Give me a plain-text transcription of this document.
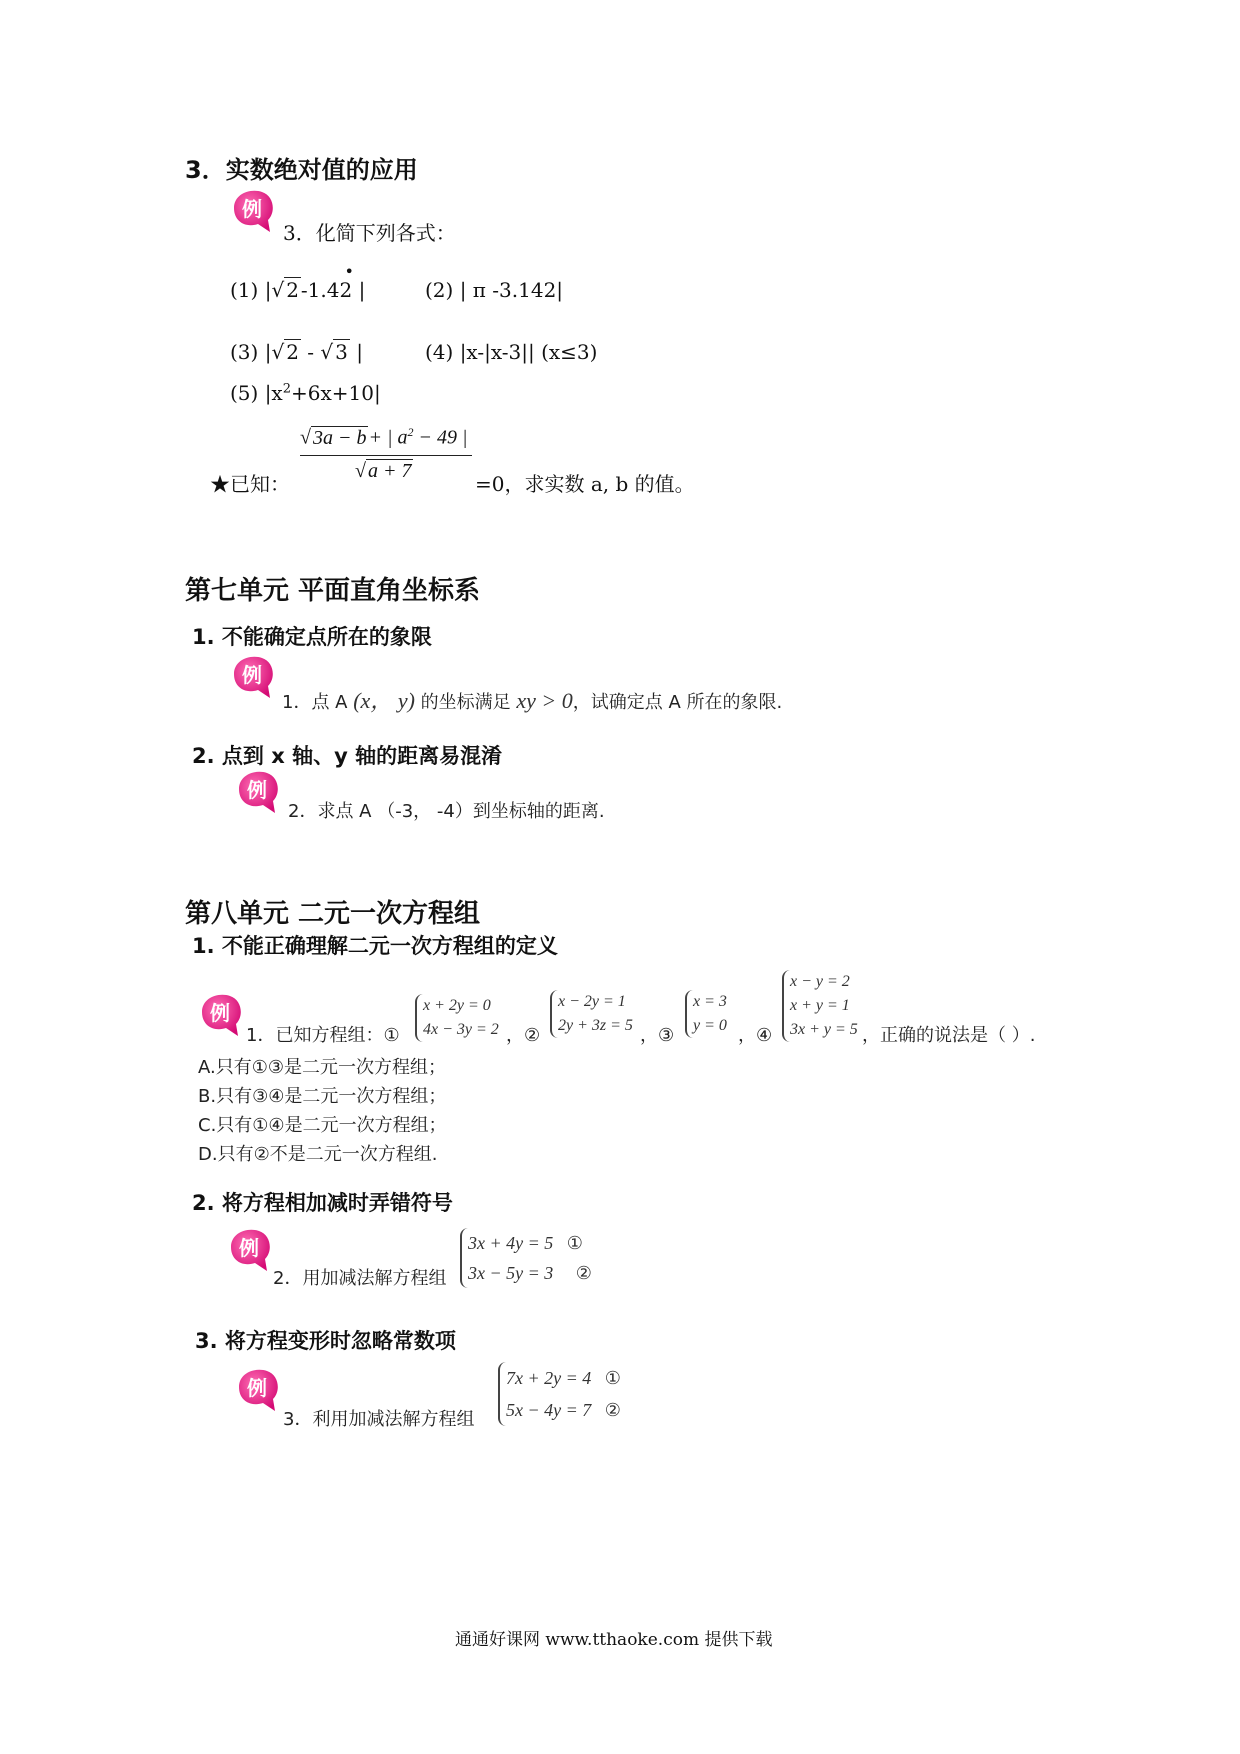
3．实数绝对值的应用
例
3．化简下列各式：
(1) |√ 2 -1.4
•
2 |	(2) | π -3.142|
(3) |√ 2 - √ 3 |	(4) |x-|x-3|| (x≤3)
(5) $|x^2+6x+10|$
★已知：
√ 3a − b + | $a^2 - 49$ |
√ a + 7
=0，求实数 a, b 的值。
第七单元 平面直角坐标系
1. 不能确定点所在的象限
例
1．点 A (x， y) 的坐标满足 xy > 0，试确定点 A 所在的象限.
2. 点到 x 轴、y 轴的距离易混淆
例
2．求点 A （-3， -4）到坐标轴的距离.
第八单元 二元一次方程组
1. 不能正确理解二元一次方程组的定义
例
1．已知方程组：①
x + 2y = 0
4x − 3y = 2 ，②
x − 2y = 1
2y + 3z = 5 ，③
x = 3
y = 0 ，④
x − y = 2
x + y = 1
3x + y = 5 ，正确的说法是（ ）.
A.只有①③是二元一次方程组；
B.只有③④是二元一次方程组；
C.只有①④是二元一次方程组；
D.只有②不是二元一次方程组.
2. 将方程相加减时弄错符号
例
2．用加减法解方程组
3x + 4y = 5 ①
3x − 5y = 3 ②
3. 将方程变形时忽略常数项
例
3．利用加减法解方程组
7x + 2y = 4 ①
5x − 4y = 7 ②
通通好课网 www.tthaoke.com 提供下载
